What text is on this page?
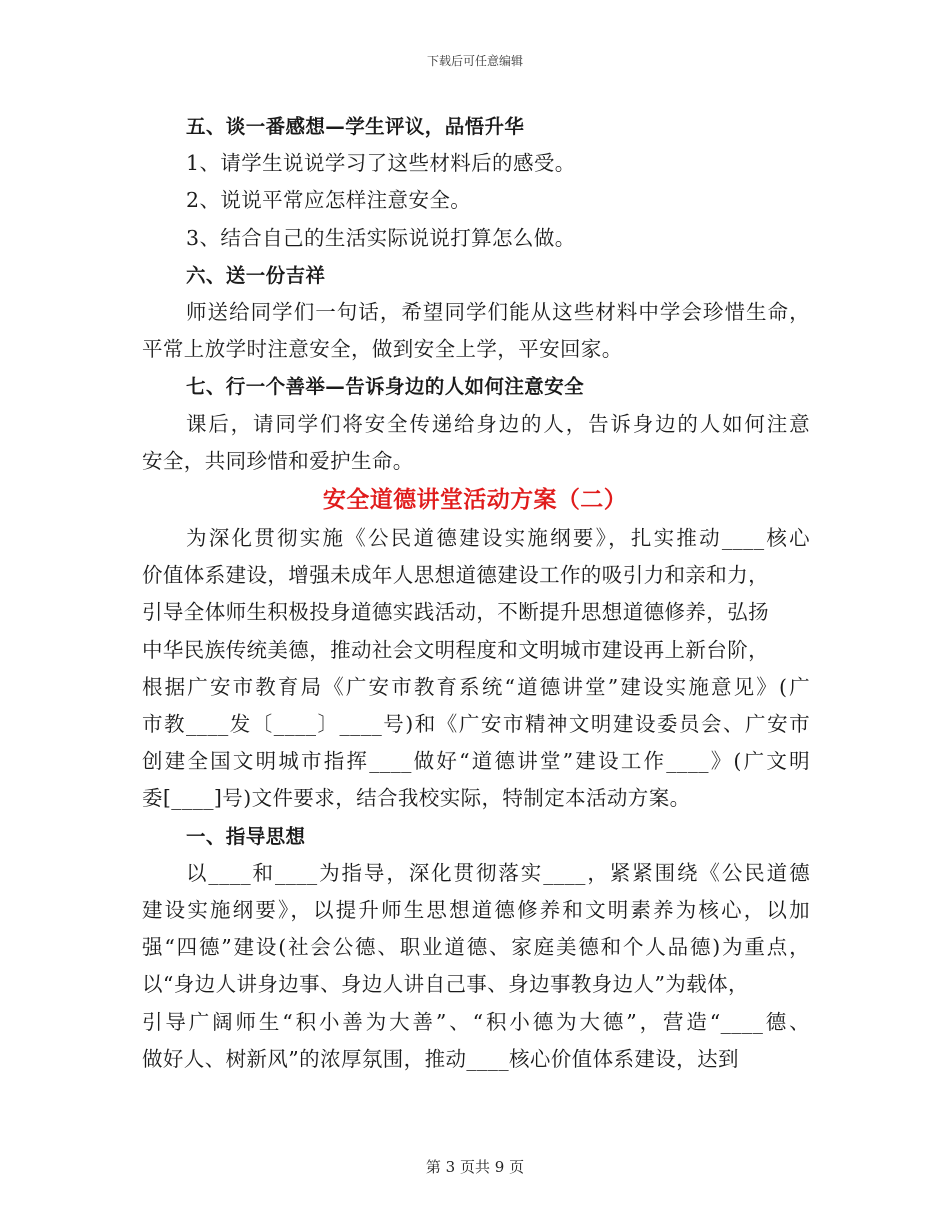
下载后可任意编辑
五、谈一番感想—学生评议，品悟升华
1、请学生说说学习了这些材料后的感受。
2、说说平常应怎样注意安全。
3、结合自己的生活实际说说打算怎么做。
六、送一份吉祥
师送给同学们一句话，希望同学们能从这些材料中学会珍惜生命，
平常上放学时注意安全，做到安全上学，平安回家。
七、行一个善举—告诉身边的人如何注意安全
课后，请同学们将安全传递给身边的人，告诉身边的人如何注意
安全，共同珍惜和爱护生命。
安全道德讲堂活动方案（二）
为深化贯彻实施《公民道德建设实施纲要》，扎实推动____核心
价值体系建设，增强未成年人思想道德建设工作的吸引力和亲和力，
引导全体师生积极投身道德实践活动，不断提升思想道德修养，弘扬
中华民族传统美德，推动社会文明程度和文明城市建设再上新台阶，
根据广安市教育局《广安市教育系统“道德讲堂”建设实施意见》(广
市教____发〔____〕____号)和《广安市精神文明建设委员会、广安市
创建全国文明城市指挥____做好“道德讲堂”建设工作____》(广文明
委[____]号)文件要求，结合我校实际，特制定本活动方案。
一、指导思想
以____和____为指导，深化贯彻落实____，紧紧围绕《公民道德
建设实施纲要》，以提升师生思想道德修养和文明素养为核心，以加
强“四德”建设(社会公德、职业道德、家庭美德和个人品德)为重点，
以“身边人讲身边事、身边人讲自己事、身边事教身边人”为载体，
引导广阔师生“积小善为大善”、“积小德为大德”，营造“____德、
做好人、树新风”的浓厚氛围，推动____核心价值体系建设，达到
第 3 页共 9 页
